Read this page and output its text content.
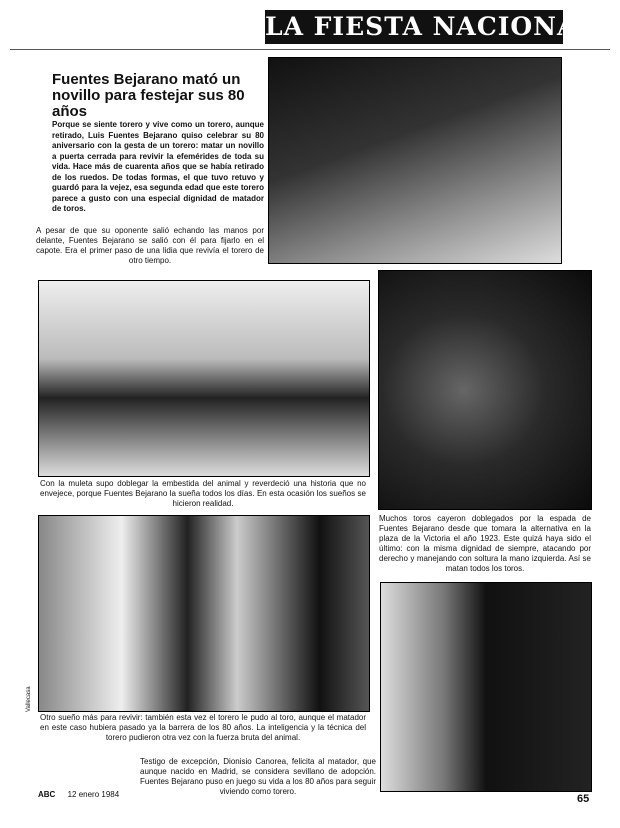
LA FIESTA NACIONAL
Fuentes Bejarano mató un novillo para festejar sus 80 años
Porque se siente torero y vive como un torero, aunque retirado, Luis Fuentes Bejarano quiso celebrar su 80 aniversario con la gesta de un torero: matar un novillo a puerta cerrada para revivir la efemérides de toda su vida. Hace más de cuarenta años que se había retirado de los ruedos. De todas formas, el que tuvo retuvo y guardó para la vejez, esa segunda edad que este torero parece a gusto con una especial dignidad de matador de toros.
A pesar de que su oponente salió echando las manos por delante, Fuentes Bejarano se salió con él para fijarlo en el capote. Era el primer paso de una lidia que revivía el torero de otro tiempo.
Con la muleta supo doblegar la embestida del animal y reverdeció una historia que no envejece, porque Fuentes Bejarano la sueña todos los días. En esta ocasión los sueños se hicieron realidad.
Muchos toros cayeron doblegados por la espada de Fuentes Bejarano desde que tomara la alternativa en la plaza de la Victoria el año 1923. Este quizá haya sido el último: con la misma dignidad de siempre, atacando por derecho y manejando con soltura la mano izquierda. Así se matan todos los toros.
Vallecasa
Otro sueño más para revivir: también esta vez el torero le pudo al toro, aunque el matador en este caso hubiera pasado ya la barrera de los 80 años. La inteligencia y la técnica del torero pudieron otra vez con la fuerza bruta del animal.
Testigo de excepción, Dionisio Canorea, felicita al matador, que aunque nacido en Madrid, se considera sevillano de adopción. Fuentes Bejarano puso en juego su vida a los 80 años para seguir viviendo como torero.
ABC 12 enero 1984	65
